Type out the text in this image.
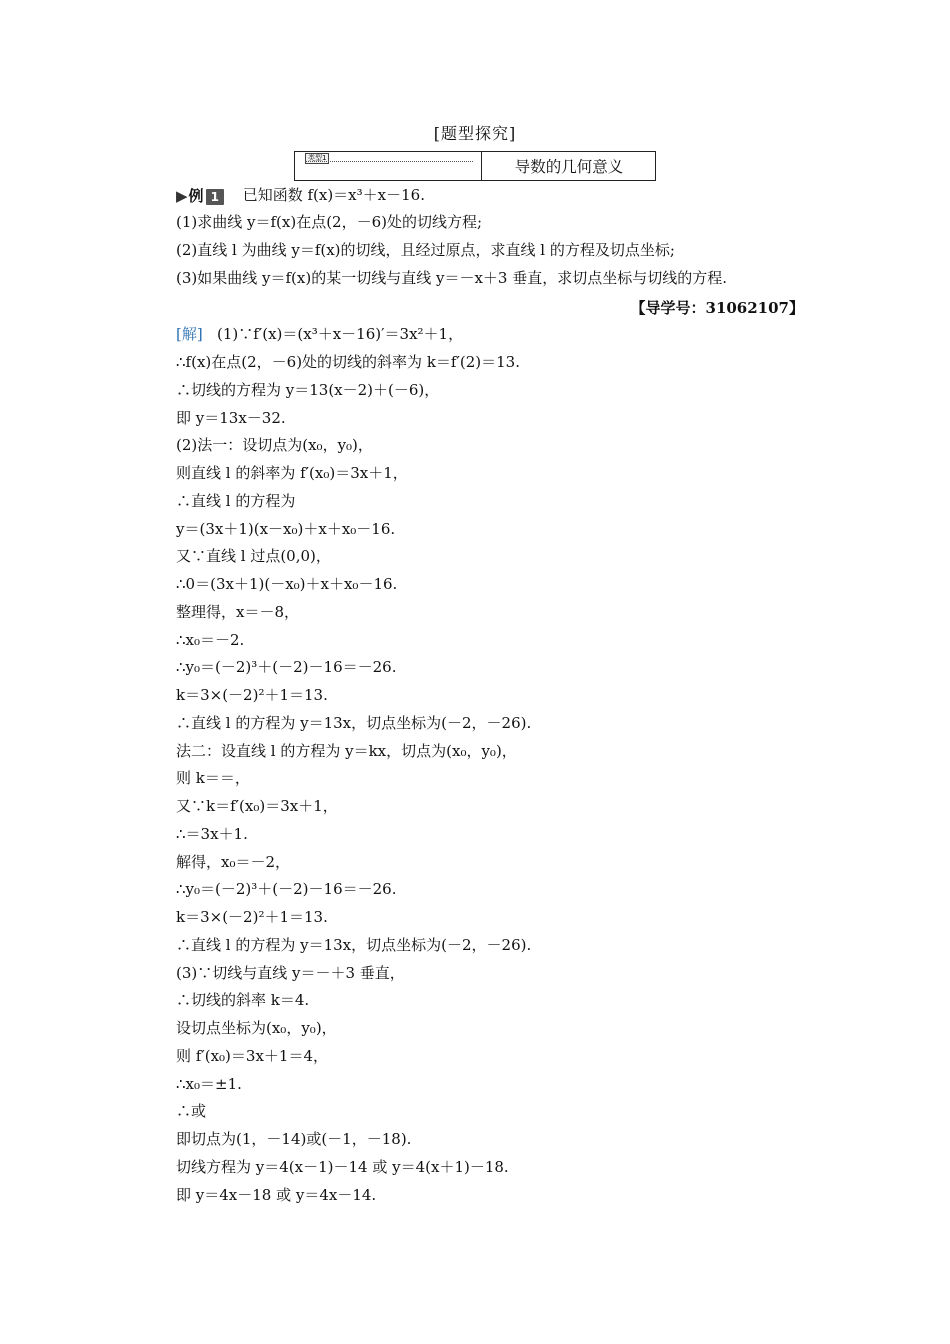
[题型探究]
类型1	导数的几何意义
▶例 1 已知函数 f(x)＝x³＋x－16.
(1)求曲线 y＝f(x)在点(2，－6)处的切线方程;
(2)直线 l 为曲线 y＝f(x)的切线，且经过原点，求直线 l 的方程及切点坐标;
(3)如果曲线 y＝f(x)的某一切线与直线 y＝－x＋3 垂直，求切点坐标与切线的方程.
【导学号：31062107】
[解] (1)∵f′(x)＝(x³＋x－16)′＝3x²＋1，
∴f(x)在点(2，－6)处的切线的斜率为 k＝f′(2)＝13.
∴切线的方程为 y＝13(x－2)＋(－6)，
即 y＝13x－32.
(2)法一：设切点为(x₀，y₀)，
则直线 l 的斜率为 f′(x₀)＝3x＋1，
∴直线 l 的方程为
y＝(3x＋1)(x－x₀)＋x＋x₀－16.
又∵直线 l 过点(0,0)，
∴0＝(3x＋1)(－x₀)＋x＋x₀－16.
整理得，x＝－8，
∴x₀＝－2.
∴y₀＝(－2)³＋(－2)－16＝－26.
k＝3×(－2)²＋1＝13.
∴直线 l 的方程为 y＝13x，切点坐标为(－2，－26).
法二：设直线 l 的方程为 y＝kx，切点为(x₀，y₀)，
则 k＝＝，
又∵k＝f′(x₀)＝3x＋1，
∴＝3x＋1.
解得，x₀＝－2，
∴y₀＝(－2)³＋(－2)－16＝－26.
k＝3×(－2)²＋1＝13.
∴直线 l 的方程为 y＝13x，切点坐标为(－2，－26).
(3)∵切线与直线 y＝－＋3 垂直，
∴切线的斜率 k＝4.
设切点坐标为(x₀，y₀)，
则 f′(x₀)＝3x＋1＝4，
∴x₀＝±1.
∴或
即切点为(1，－14)或(－1，－18).
切线方程为 y＝4(x－1)－14 或 y＝4(x＋1)－18.
即 y＝4x－18 或 y＝4x－14.
